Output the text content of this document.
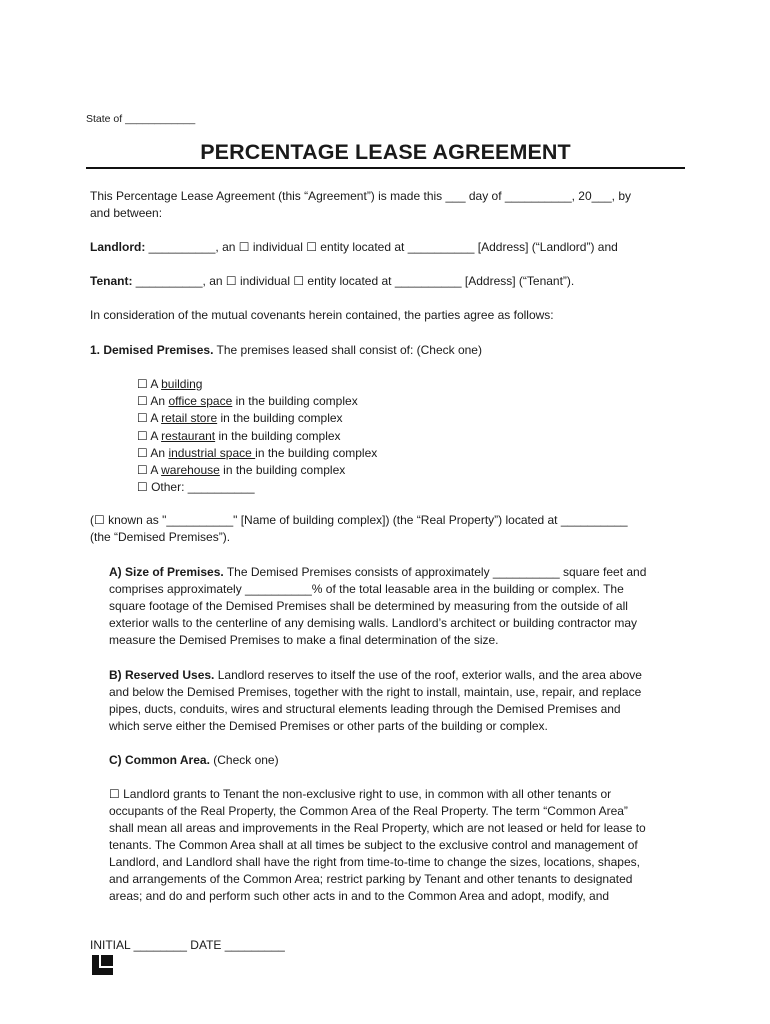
State of ____________
PERCENTAGE LEASE AGREEMENT

This Percentage Lease Agreement (this “Agreement”) is made this ___ day of __________, 20___, by

and between:

Landlord: __________, an ☐ individual ☐ entity located at __________ [Address] (“Landlord”) and

Tenant: __________, an ☐ individual ☐ entity located at __________ [Address] (“Tenant”).

In consideration of the mutual covenants herein contained, the parties agree as follows:

1. Demised Premises. The premises leased shall consist of: (Check one)

☐ A building
☐ An office space in the building complex
☐ A retail store in the building complex
☐ A restaurant in the building complex
☐ An industrial space in the building complex
☐ A warehouse in the building complex
☐ Other: __________

(☐ known as "__________" [Name of building complex]) (the “Real Property”) located at __________

(the “Demised Premises”).

A) Size of Premises. The Demised Premises consists of approximately __________ square feet and

comprises approximately __________% of the total leasable area in the building or complex. The

square footage of the Demised Premises shall be determined by measuring from the outside of all

exterior walls to the centerline of any demising walls. Landlord’s architect or building contractor may

measure the Demised Premises to make a final determination of the size.

B) Reserved Uses. Landlord reserves to itself the use of the roof, exterior walls, and the area above

and below the Demised Premises, together with the right to install, maintain, use, repair, and replace

pipes, ducts, conduits, wires and structural elements leading through the Demised Premises and

which serve either the Demised Premises or other parts of the building or complex.

C) Common Area. (Check one)

☐ Landlord grants to Tenant the non-exclusive right to use, in common with all other tenants or

occupants of the Real Property, the Common Area of the Real Property. The term “Common Area”

shall mean all areas and improvements in the Real Property, which are not leased or held for lease to

tenants. The Common Area shall at all times be subject to the exclusive control and management of

Landlord, and Landlord shall have the right from time-to-time to change the sizes, locations, shapes,

and arrangements of the Common Area; restrict parking by Tenant and other tenants to designated

areas; and do and perform such other acts in and to the Common Area and adopt, modify, and

INITIAL ________ DATE _________
